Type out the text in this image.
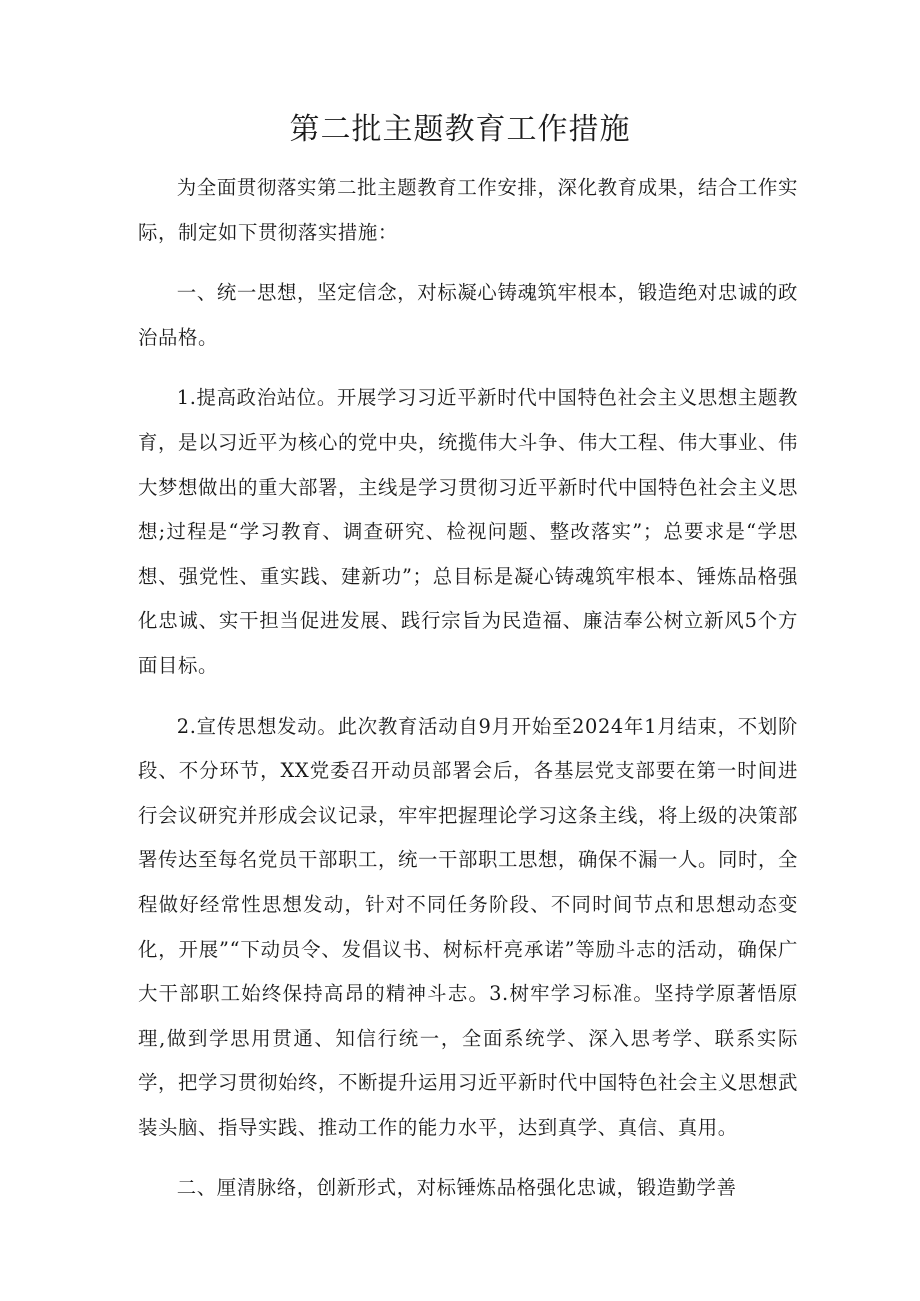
第二批主题教育工作措施

为全面贯彻落实第二批主题教育工作安排，深化教育成果，结合工作实际，制定如下贯彻落实措施：

一、统一思想，坚定信念，对标凝心铸魂筑牢根本，锻造绝对忠诚的政治品格。

1.提高政治站位。开展学习习近平新时代中国特色社会主义思想主题教育，是以习近平为核心的党中央，统揽伟大斗争、伟大工程、伟大事业、伟大梦想做出的重大部署，主线是学习贯彻习近平新时代中国特色社会主义思想;过程是“学习教育、调查研究、检视问题、整改落实”；总要求是“学思想、强党性、重实践、建新功”；总目标是凝心铸魂筑牢根本、锤炼品格强化忠诚、实干担当促进发展、践行宗旨为民造福、廉洁奉公树立新风5个方面目标。

2.宣传思想发动。此次教育活动自9月开始至2024年1月结束，不划阶段、不分环节，XX党委召开动员部署会后，各基层党支部要在第一时间进行会议研究并形成会议记录，牢牢把握理论学习这条主线，将上级的决策部署传达至每名党员干部职工，统一干部职工思想，确保不漏一人。同时，全程做好经常性思想发动，针对不同任务阶段、不同时间节点和思想动态变化，开展”“下动员令、发倡议书、树标杆亮承诺”等励斗志的活动，确保广大干部职工始终保持高昂的精神斗志。3.树牢学习标准。坚持学原著悟原理,做到学思用贯通、知信行统一，全面系统学、深入思考学、联系实际学，把学习贯彻始终，不断提升运用习近平新时代中国特色社会主义思想武装头脑、指导实践、推动工作的能力水平，达到真学、真信、真用。

二、厘清脉络，创新形式，对标锤炼品格强化忠诚，锻造勤学善
